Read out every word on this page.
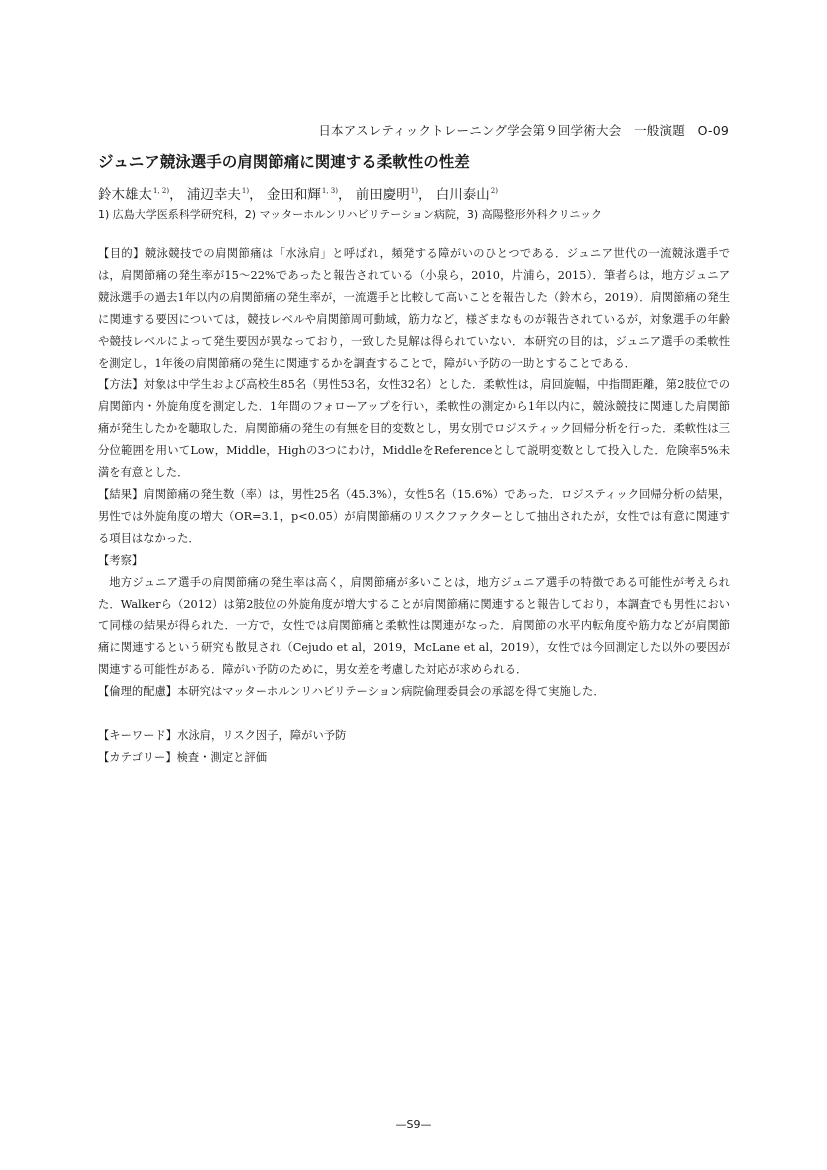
日本アスレティックトレーニング学会第９回学術大会　一般演題　O-09
ジュニア競泳選手の肩関節痛に関連する柔軟性の性差
鈴木雄太$^{1, 2)}$， 浦辺幸夫$^{1)}$， 金田和輝$^{1, 3)}$， 前田慶明$^{1)}$， 白川泰山$^{2)}$
1) 広島大学医系科学研究科，2) マッターホルンリハビリテーション病院，3) 高陽整形外科クリニック

【目的】競泳競技での肩関節痛は「水泳肩」と呼ばれ，頻発する障がいのひとつである．ジュニア世代の一流競泳選手では，肩関節痛の発生率が15～22%であったと報告されている（小泉ら，2010，片浦ら，2015）．筆者らは，地方ジュニア競泳選手の過去1年以内の肩関節痛の発生率が，一流選手と比較して高いことを報告した（鈴木ら，2019）．肩関節痛の発生に関連する要因については，競技レベルや肩関節周可動域，筋力など，様ざまなものが報告されているが，対象選手の年齢や競技レベルによって発生要因が異なっており，一致した見解は得られていない．本研究の目的は，ジュニア選手の柔軟性を測定し，1年後の肩関節痛の発生に関連するかを調査することで，障がい予防の一助とすることである．

【方法】対象は中学生および高校生85名（男性53名，女性32名）とした．柔軟性は，肩回旋幅，中指間距離，第2肢位での肩関節内・外旋角度を測定した．1年間のフォローアップを行い，柔軟性の測定から1年以内に，競泳競技に関連した肩関節痛が発生したかを聴取した．肩関節痛の発生の有無を目的変数とし，男女別でロジスティック回帰分析を行った．柔軟性は三分位範囲を用いてLow，Middle，Highの3つにわけ，MiddleをReferenceとして説明変数として投入した．危険率5%未満を有意とした．

【結果】肩関節痛の発生数（率）は，男性25名（45.3%），女性5名（15.6%）であった．ロジスティック回帰分析の結果，男性では外旋角度の増大（OR=3.1，p<0.05）が肩関節痛のリスクファクターとして抽出されたが，女性では有意に関連する項目はなかった．

【考察】

地方ジュニア選手の肩関節痛の発生率は高く，肩関節痛が多いことは，地方ジュニア選手の特徴である可能性が考えられた．Walkerら（2012）は第2肢位の外旋角度が増大することが肩関節痛に関連すると報告しており，本調査でも男性において同様の結果が得られた．一方で，女性では肩関節痛と柔軟性は関連がなった．肩関節の水平内転角度や筋力などが肩関節痛に関連するという研究も散見され（Cejudo et al，2019，McLane et al，2019），女性では今回測定した以外の要因が関連する可能性がある．障がい予防のために，男女差を考慮した対応が求められる．

【倫理的配慮】本研究はマッターホルンリハビリテーション病院倫理委員会の承認を得て実施した．

【キーワード】水泳肩，リスク因子，障がい予防

【カテゴリー】検査・測定と評価

—S9—
